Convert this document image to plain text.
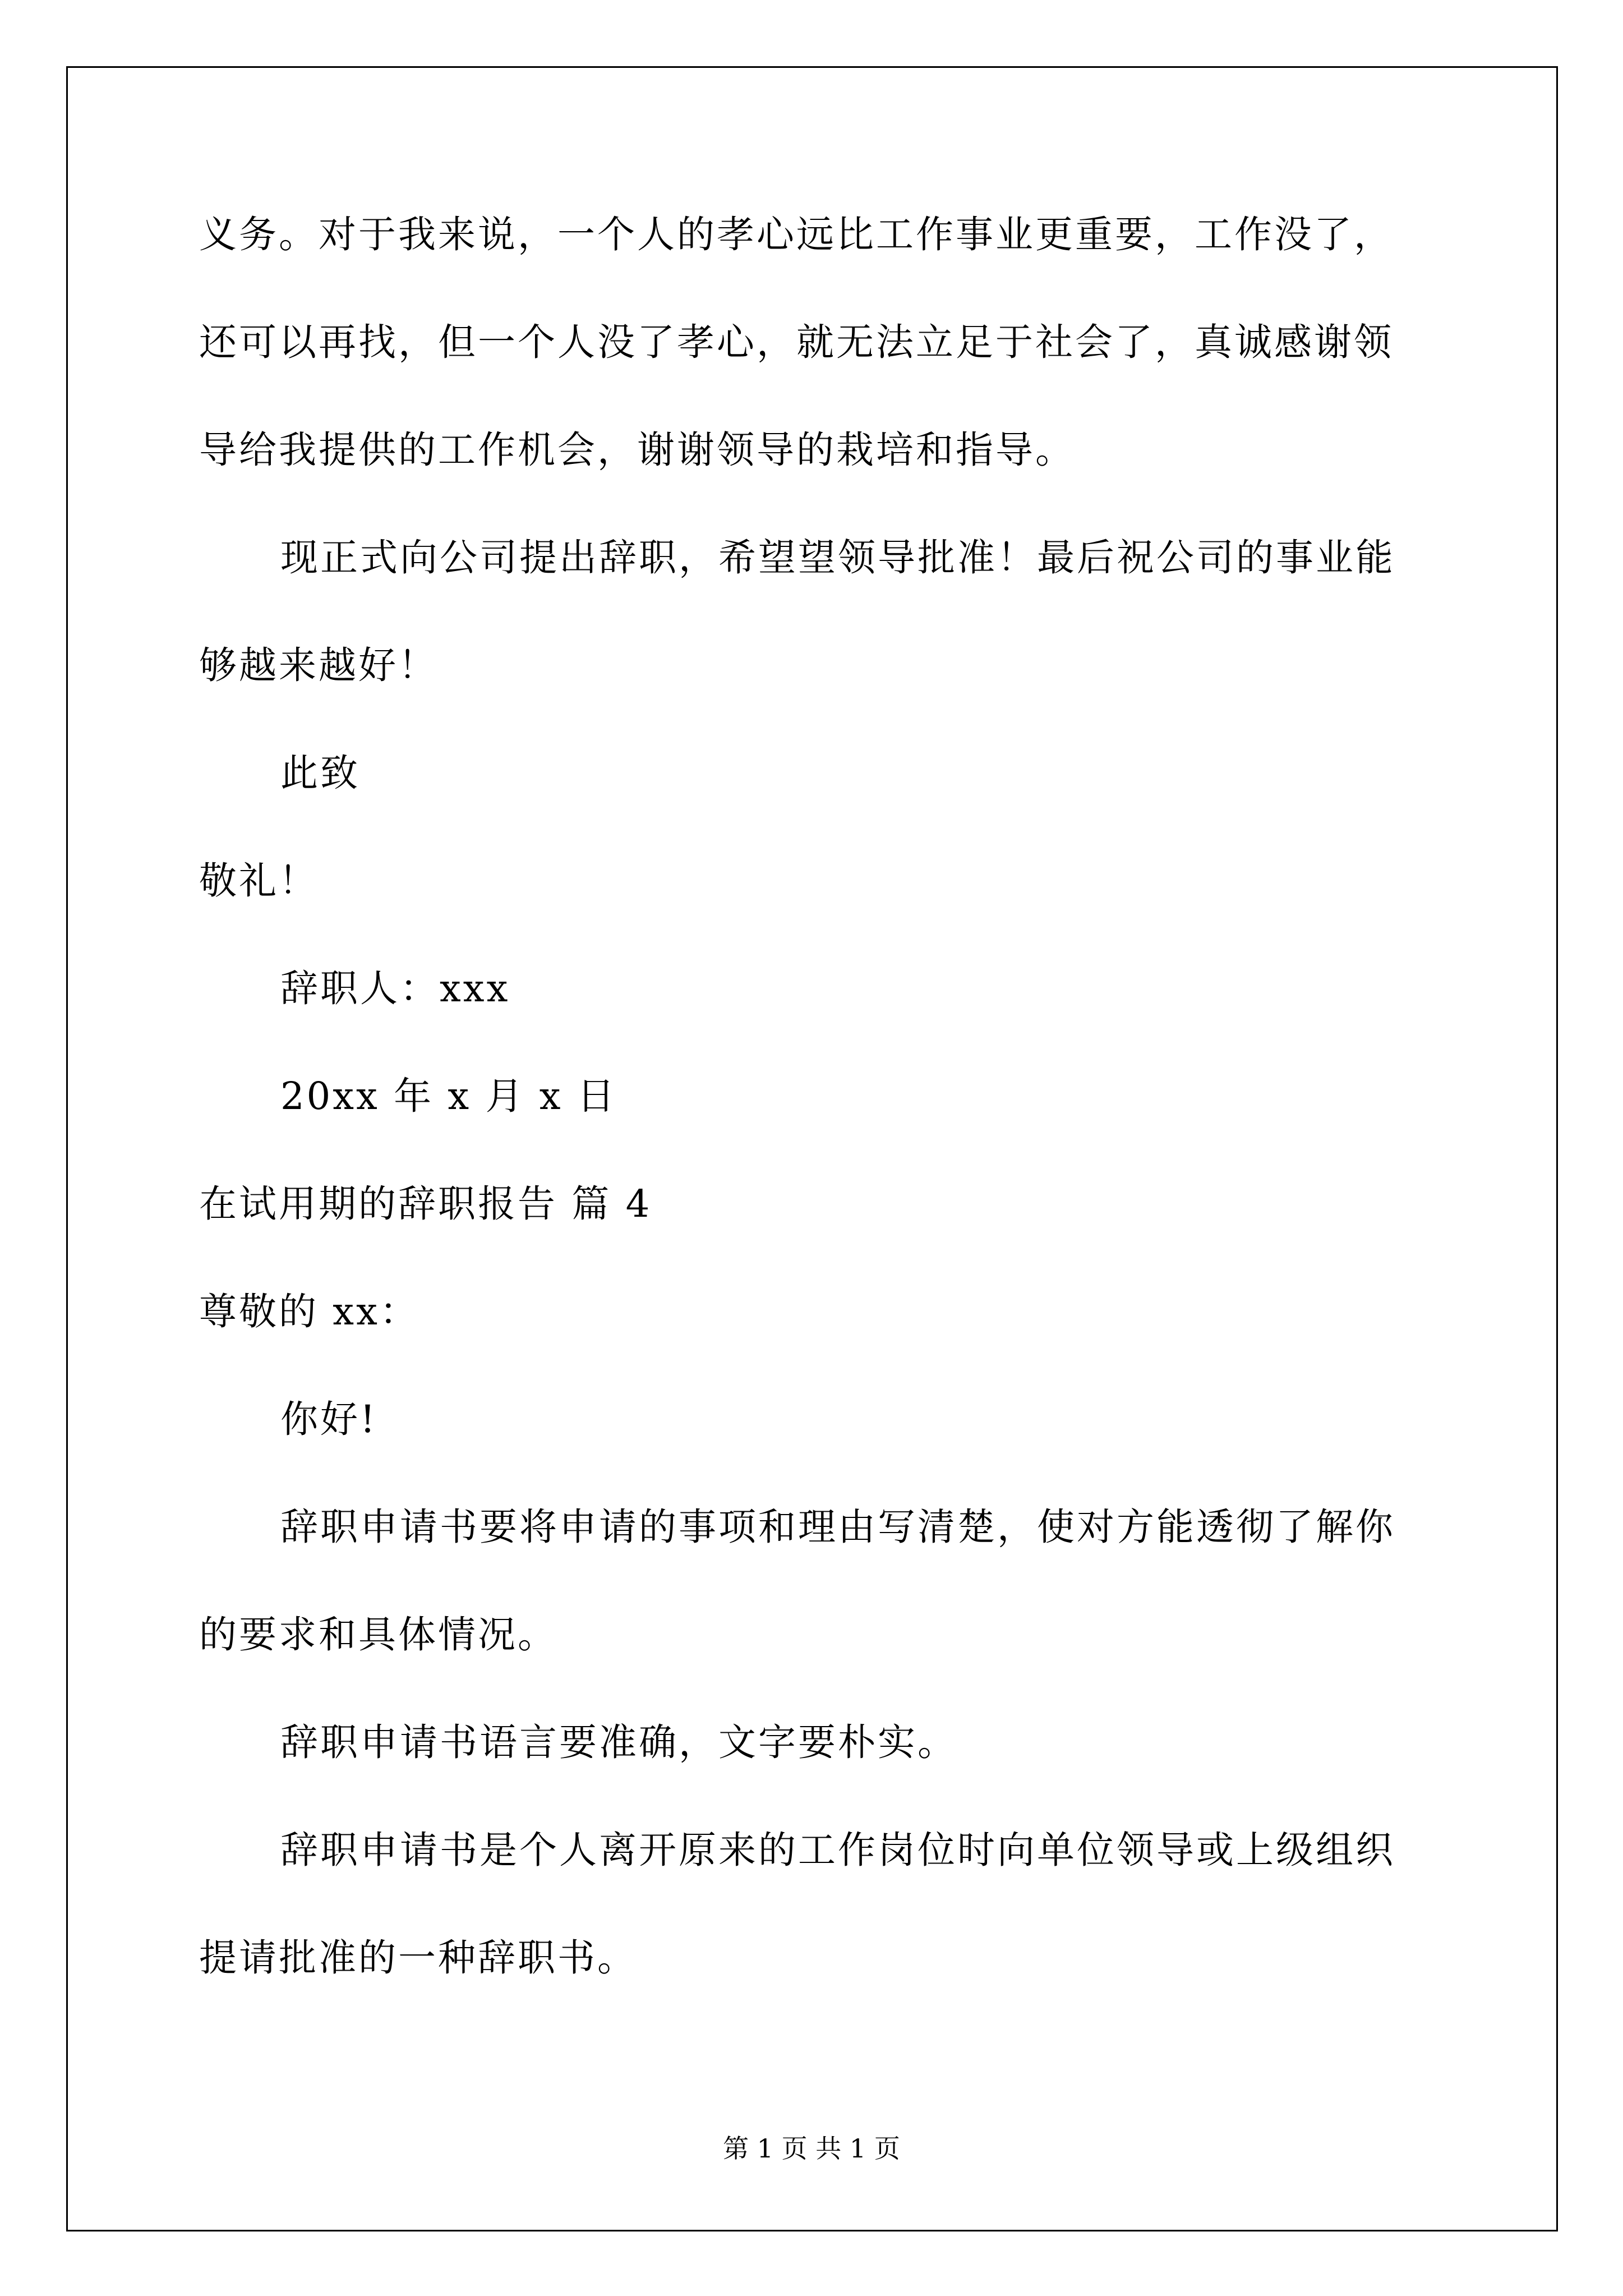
义务。对于我来说，一个人的孝心远比工作事业更重要，工作没了，
还可以再找，但一个人没了孝心，就无法立足于社会了，真诚感谢领
导给我提供的工作机会，谢谢领导的栽培和指导。
现正式向公司提出辞职，希望望领导批准！最后祝公司的事业能
够越来越好！
此致
敬礼！
辞职人：xxx
20xx 年 x 月 x 日
在试用期的辞职报告 篇 4
尊敬的 xx：
你好!
辞职申请书要将申请的事项和理由写清楚，使对方能透彻了解你
的要求和具体情况。
辞职申请书语言要准确，文字要朴实。
辞职申请书是个人离开原来的工作岗位时向单位领导或上级组织
提请批准的一种辞职书。
第 1 页 共 1 页
